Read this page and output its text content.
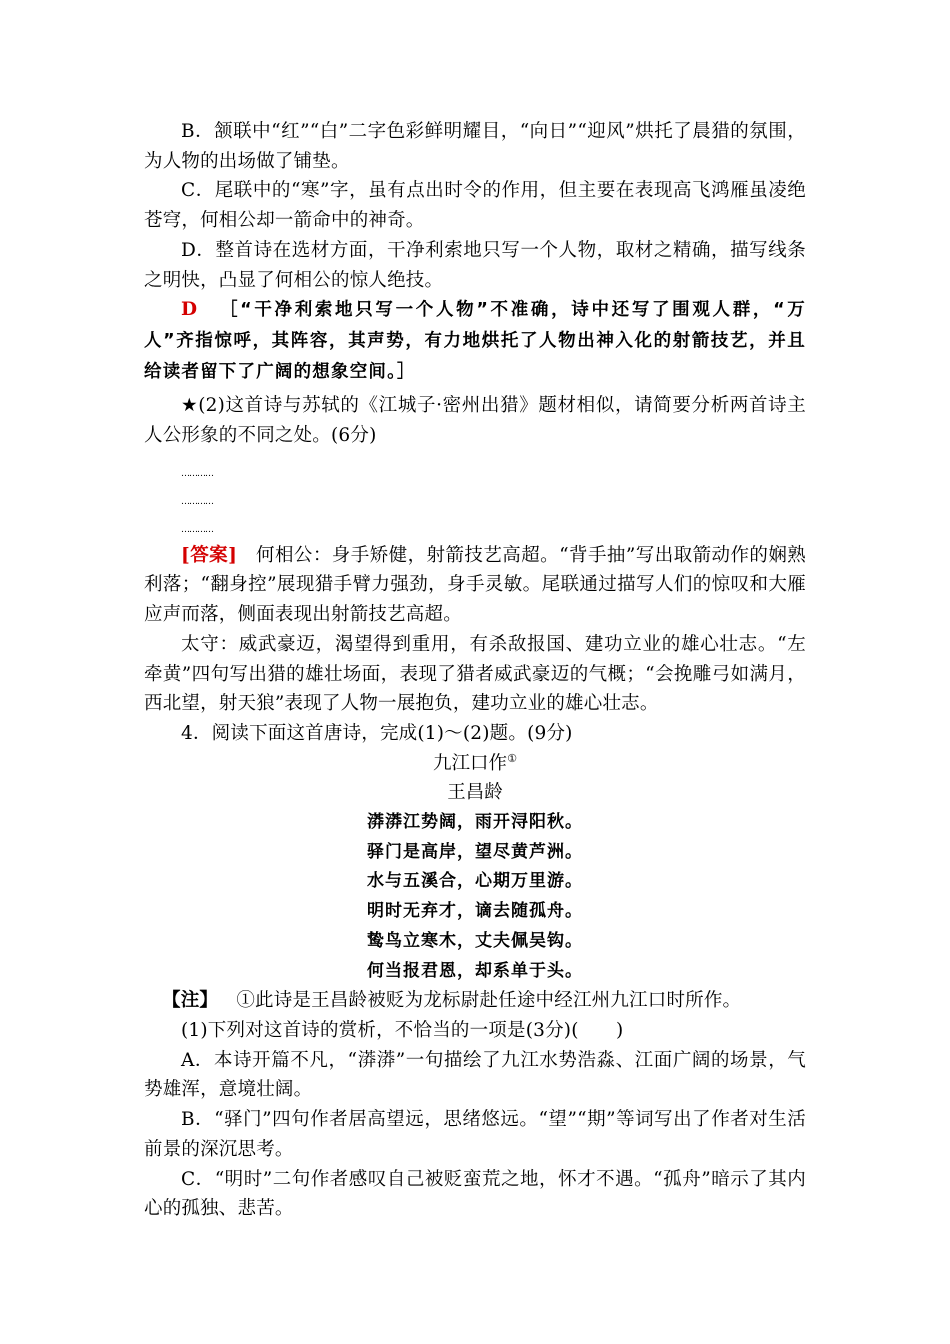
B．颔联中“红”“白”二字色彩鲜明耀目，“向日”“迎风”烘托了晨猎的氛围，为人物的出场做了铺垫。

C．尾联中的“寒”字，虽有点出时令的作用，但主要在表现高飞鸿雁虽凌绝苍穹，何相公却一箭命中的神奇。

D．整首诗在选材方面，干净利索地只写一个人物，取材之精确，描写线条之明快，凸显了何相公的惊人绝技。

D ［“干净利索地只写一个人物”不准确，诗中还写了围观人群，“万人”齐指惊呼，其阵容，其声势，有力地烘托了人物出神入化的射箭技艺，并且给读者留下了广阔的想象空间。］

★(2)这首诗与苏轼的《江城子·密州出猎》题材相似，请简要分析两首诗主人公形象的不同之处。(6分)

…………

…………

…………

[答案] 何相公：身手矫健，射箭技艺高超。“背手抽”写出取箭动作的娴熟利落；“翻身控”展现猎手臂力强劲，身手灵敏。尾联通过描写人们的惊叹和大雁应声而落，侧面表现出射箭技艺高超。

太守：威武豪迈，渴望得到重用，有杀敌报国、建功立业的雄心壮志。“左牵黄”四句写出猎的雄壮场面，表现了猎者威武豪迈的气概；“会挽雕弓如满月，西北望，射天狼”表现了人物一展抱负，建功立业的雄心壮志。

4．阅读下面这首唐诗，完成(1)～(2)题。(9分)

九江口作①

王昌龄

漭漭江势阔，雨开浔阳秋。

驿门是高岸，望尽黄芦洲。

水与五溪合，心期万里游。

明时无弃才，谪去随孤舟。

鸷鸟立寒木，丈夫佩吴钩。

何当报君恩，却系单于头。

【注】 ①此诗是王昌龄被贬为龙标尉赴任途中经江州九江口时所作。

(1)下列对这首诗的赏析，不恰当的一项是(3分)(　　)

A．本诗开篇不凡，“漭漭”一句描绘了九江水势浩淼、江面广阔的场景，气势雄浑，意境壮阔。

B．“驿门”四句作者居高望远，思绪悠远。“望”“期”等词写出了作者对生活前景的深沉思考。

C．“明时”二句作者感叹自己被贬蛮荒之地，怀才不遇。“孤舟”暗示了其内心的孤独、悲苦。
